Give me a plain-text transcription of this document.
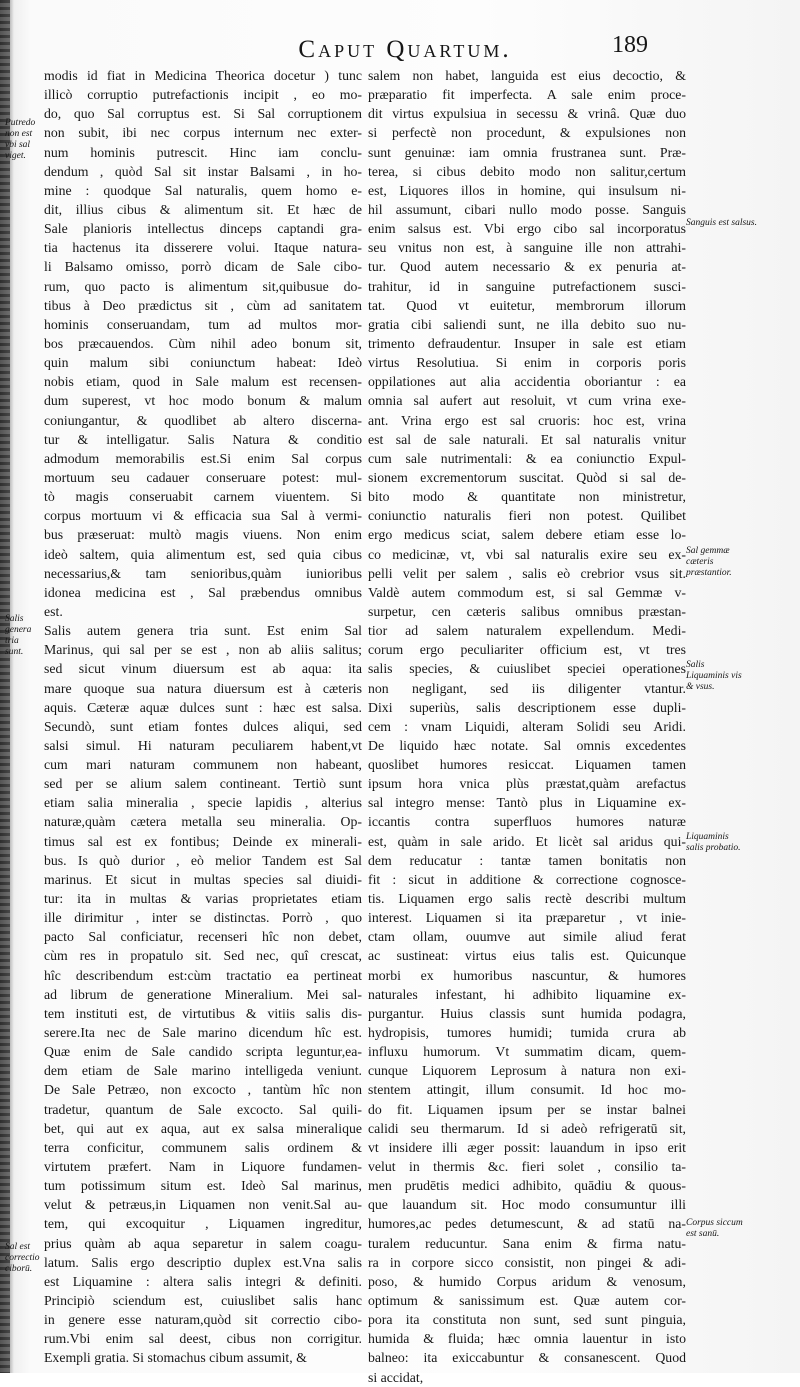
Caput Quartum.	189
modis id fiat in Medicina Theorica docetur ) tunc
illicò corruptio putrefactionis incipit , eo mo-
do, quo Sal corruptus est. Si Sal corruptionem
non subit, ibi nec corpus internum nec exter-
num hominis putrescit. Hinc iam conclu-
dendum , quòd Sal sit instar Balsami , in ho-
mine : quodque Sal naturalis, quem homo e-
dit, illius cibus & alimentum sit. Et hæc de
Sale planioris intellectus dinceps captandi gra-
tia hactenus ita disserere volui. Itaque natura-
li Balsamo omisso, porrò dicam de Sale cibo-
rum, quo pacto is alimentum sit,quibusue do-
tibus à Deo prædictus sit , cùm ad sanitatem
hominis conseruandam, tum ad multos mor-
bos præcauendos. Cùm nihil adeo bonum sit,
quin malum sibi coniunctum habeat: Ideò
nobis etiam, quod in Sale malum est recensen-
dum superest, vt hoc modo bonum & malum
coniungantur, & quodlibet ab altero discerna-
tur & intelligatur. Salis Natura & conditio
admodum memorabilis est.Si enim Sal corpus
mortuum seu cadauer conseruare potest: mul-
tò magis conseruabit carnem viuentem. Si
corpus mortuum vi & efficacia sua Sal à vermi-
bus præseruat: multò magis viuens. Non enim
ideò saltem, quia alimentum est, sed quia cibus
necessarius,& tam senioribus,quàm iunioribus
idonea medicina est , Sal præbendus omnibus
est.
Salis autem genera tria sunt. Est enim Sal
Marinus, qui sal per se est , non ab aliis salitus;
sed sicut vinum diuersum est ab aqua: ita
mare quoque sua natura diuersum est à cæteris
aquis. Cæteræ aquæ dulces sunt : hæc est salsa.
Secundò, sunt etiam fontes dulces aliqui, sed
salsi simul. Hi naturam peculiarem habent,vt
cum mari naturam communem non habeant,
sed per se alium salem contineant. Tertiò sunt
etiam salia mineralia , specie lapidis , alterius
naturæ,quàm cætera metalla seu mineralia. Op-
timus sal est ex fontibus; Deinde ex minerali-
bus. Is quò durior , eò melior Tandem est Sal
marinus. Et sicut in multas species sal diuidi-
tur: ita in multas & varias proprietates etiam
ille dirimitur , inter se distinctas. Porrò , quo
pacto Sal conficiatur, recenseri hîc non debet,
cùm res in propatulo sit. Sed nec, quî crescat,
hîc describendum est:cùm tractatio ea pertineat
ad librum de generatione Mineralium. Mei sal-
tem instituti est, de virtutibus & vitiis salis dis-
serere.Ita nec de Sale marino dicendum hîc est.
Quæ enim de Sale candido scripta leguntur,ea-
dem etiam de Sale marino intelligeda veniunt.
De Sale Petræo, non excocto , tantùm hîc non
tradetur, quantum de Sale excocto. Sal quili-
bet, qui aut ex aqua, aut ex salsa mineralique
terra conficitur, communem salis ordinem &
virtutem præfert. Nam in Liquore fundamen-
tum potissimum situm est. Ideò Sal marinus,
velut & petræus,in Liquamen non venit.Sal au-
tem, qui excoquitur , Liquamen ingreditur,
prius quàm ab aqua separetur in salem coagu-
latum. Salis ergo descriptio duplex est.Vna salis
est Liquamine : altera salis integri & definiti.
Principiò sciendum est, cuiuslibet salis hanc
in genere esse naturam,quòd sit correctio cibo-
rum.Vbi enim sal deest, cibus non corrigitur.
Exempli gratia. Si stomachus cibum assumit, &
salem non habet, languida est eius decoctio, &
præparatio fit imperfecta. A sale enim proce-
dit virtus expulsiua in secessu & vrinâ. Quæ duo
si perfectè non procedunt, & expulsiones non
sunt genuinæ: iam omnia frustranea sunt. Præ-
terea, si cibus debito modo non salitur,certum
est, Liquores illos in homine, qui insulsum ni-
hil assumunt, cibari nullo modo posse. Sanguis
enim salsus est. Vbi ergo cibo sal incorporatus
seu vnitus non est, à sanguine ille non attrahi-
tur. Quod autem necessario & ex penuria at-
trahitur, id in sanguine putrefactionem susci-
tat. Quod vt euitetur, membrorum illorum
gratia cibi saliendi sunt, ne illa debito suo nu-
trimento defraudentur. Insuper in sale est etiam
virtus Resolutiua. Si enim in corporis poris
oppilationes aut alia accidentia oboriantur : ea
omnia sal aufert aut resoluit, vt cum vrina exe-
ant. Vrina ergo est sal cruoris: hoc est, vrina
est sal de sale naturali. Et sal naturalis vnitur
cum sale nutrimentali: & ea coniunctio Expul-
sionem excrementorum suscitat. Quòd si sal de-
bito modo & quantitate non ministretur,
coniunctio naturalis fieri non potest. Quilibet
ergo medicus sciat, salem debere etiam esse lo-
co medicinæ, vt, vbi sal naturalis exire seu ex-
pelli velit per salem , salis eò crebrior vsus sit.
Valdè autem commodum est, si sal Gemmæ v-
surpetur, cen cæteris salibus omnibus præstan-
tior ad salem naturalem expellendum. Medi-
corum ergo peculiariter officium est, vt tres
salis species, & cuiuslibet speciei operationes
non negligant, sed iis diligenter vtantur.
Dixi superiùs, salis descriptionem esse dupli-
cem : vnam Liquidi, alteram Solidi seu Aridi.
De liquido hæc notate. Sal omnis excedentes
quoslibet humores resiccat. Liquamen tamen
ipsum hora vnica plùs præstat,quàm arefactus
sal integro mense: Tantò plus in Liquamine ex-
iccantis contra superfluos humores naturæ
est, quàm in sale arido. Et licèt sal aridus qui-
dem reducatur : tantæ tamen bonitatis non
fit : sicut in additione & correctione cognosce-
tis. Liquamen ergo salis rectè describi multum
interest. Liquamen si ita præparetur , vt inie-
ctam ollam, ouumve aut simile aliud ferat
ac sustineat: virtus eius talis est. Quicunque
morbi ex humoribus nascuntur, & humores
naturales infestant, hi adhibito liquamine ex-
purgantur. Huius classis sunt humida podagra,
hydropisis, tumores humidi; tumida crura ab
influxu humorum. Vt summatim dicam, quem-
cunque Liquorem Leprosum à natura non exi-
stentem attingit, illum consumit. Id hoc mo-
do fit. Liquamen ipsum per se instar balnei
calidi seu thermarum. Id si adeò refrigeratū sit,
vt insidere illi æger possit: lauandum in ipso erit
velut in thermis &c. fieri solet , consilio ta-
men prudētis medici adhibito, quādiu & quous-
que lauandum sit. Hoc modo consumuntur illi
humores,ac pedes detumescunt, & ad statū na-
turalem reducuntur. Sana enim & firma natu-
ra in corpore sicco consistit, non pingei & adi-
poso, & humido Corpus aridum & venosum,
optimum & sanissimum est. Quæ autem cor-
pora ita constituta non sunt, sed sunt pinguia,
humida & fluida; hæc omnia lauentur in isto
balneo: ita exiccabuntur & consanescent. Quod
si accidat,
Putredo non est vbi sal viget.
Salis genera tria sunt.
Sal est correctio ciborū.
Sanguis est salsus.
Sal gemmæ cæteris præstantior.
Salis Liquaminis vis & vsus.
Liquaminis salis probatio.
Corpus siccum est sanū.
